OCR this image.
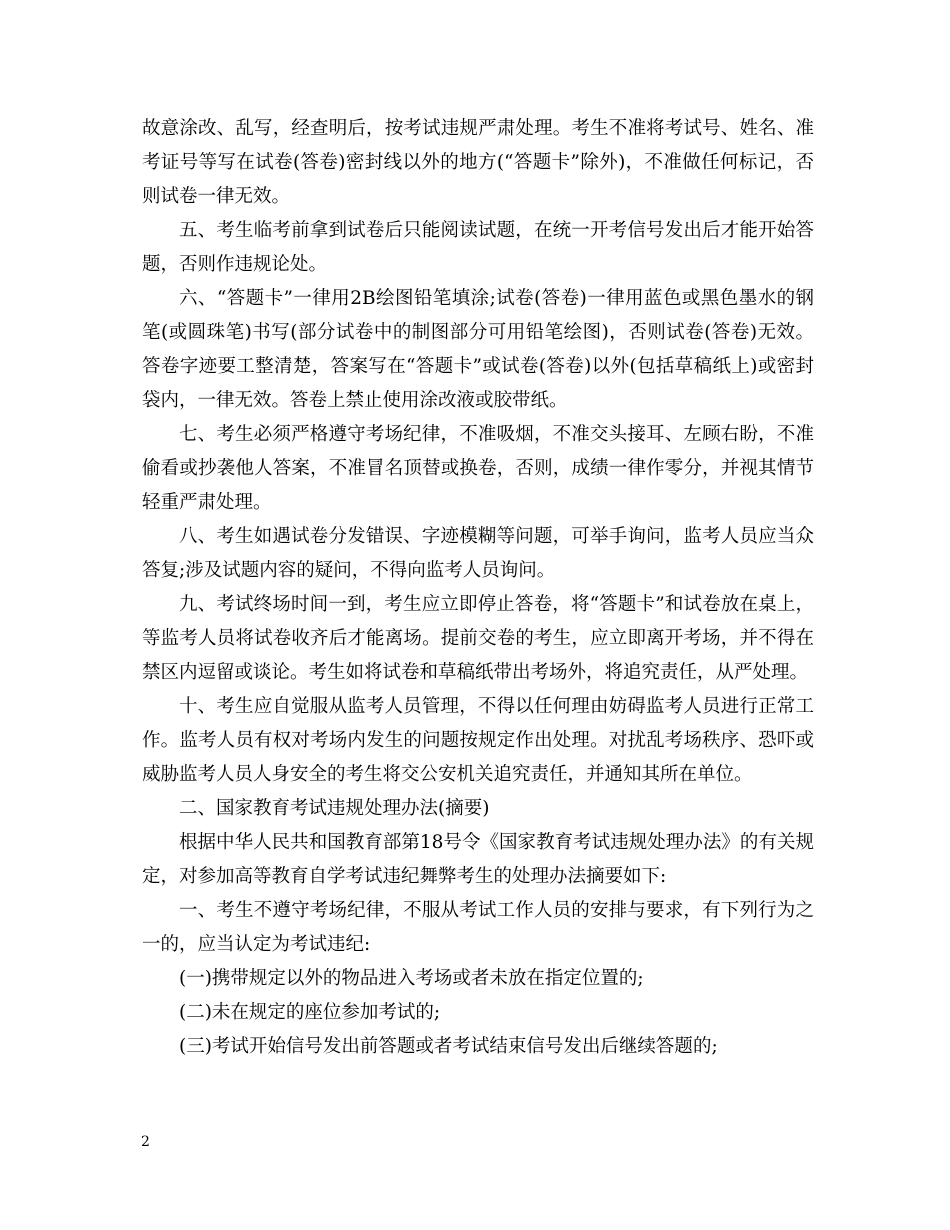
故意涂改、乱写，经查明后，按考试违规严肃处理。考生不准将考试号、姓名、准考证号等写在试卷(答卷)密封线以外的地方(“答题卡”除外)，不准做任何标记，否则试卷一律无效。

五、考生临考前拿到试卷后只能阅读试题，在统一开考信号发出后才能开始答题，否则作违规论处。

六、“答题卡”一律用2B绘图铅笔填涂;试卷(答卷)一律用蓝色或黑色墨水的钢笔(或圆珠笔)书写(部分试卷中的制图部分可用铅笔绘图)，否则试卷(答卷)无效。答卷字迹要工整清楚，答案写在“答题卡”或试卷(答卷)以外(包括草稿纸上)或密封袋内，一律无效。答卷上禁止使用涂改液或胶带纸。

七、考生必须严格遵守考场纪律，不准吸烟，不准交头接耳、左顾右盼，不准偷看或抄袭他人答案，不准冒名顶替或换卷，否则，成绩一律作零分，并视其情节轻重严肃处理。

八、考生如遇试卷分发错误、字迹模糊等问题，可举手询问，监考人员应当众答复;涉及试题内容的疑问，不得向监考人员询问。

九、考试终场时间一到，考生应立即停止答卷，将“答题卡”和试卷放在桌上，等监考人员将试卷收齐后才能离场。提前交卷的考生，应立即离开考场，并不得在禁区内逗留或谈论。考生如将试卷和草稿纸带出考场外，将追究责任，从严处理。

十、考生应自觉服从监考人员管理，不得以任何理由妨碍监考人员进行正常工作。监考人员有权对考场内发生的问题按规定作出处理。对扰乱考场秩序、恐吓或威胁监考人员人身安全的考生将交公安机关追究责任，并通知其所在单位。

二、国家教育考试违规处理办法(摘要)

根据中华人民共和国教育部第18号令《国家教育考试违规处理办法》的有关规定，对参加高等教育自学考试违纪舞弊考生的处理办法摘要如下:

一、考生不遵守考场纪律，不服从考试工作人员的安排与要求，有下列行为之一的，应当认定为考试违纪:

(一)携带规定以外的物品进入考场或者未放在指定位置的;

(二)未在规定的座位参加考试的;

(三)考试开始信号发出前答题或者考试结束信号发出后继续答题的;

2
